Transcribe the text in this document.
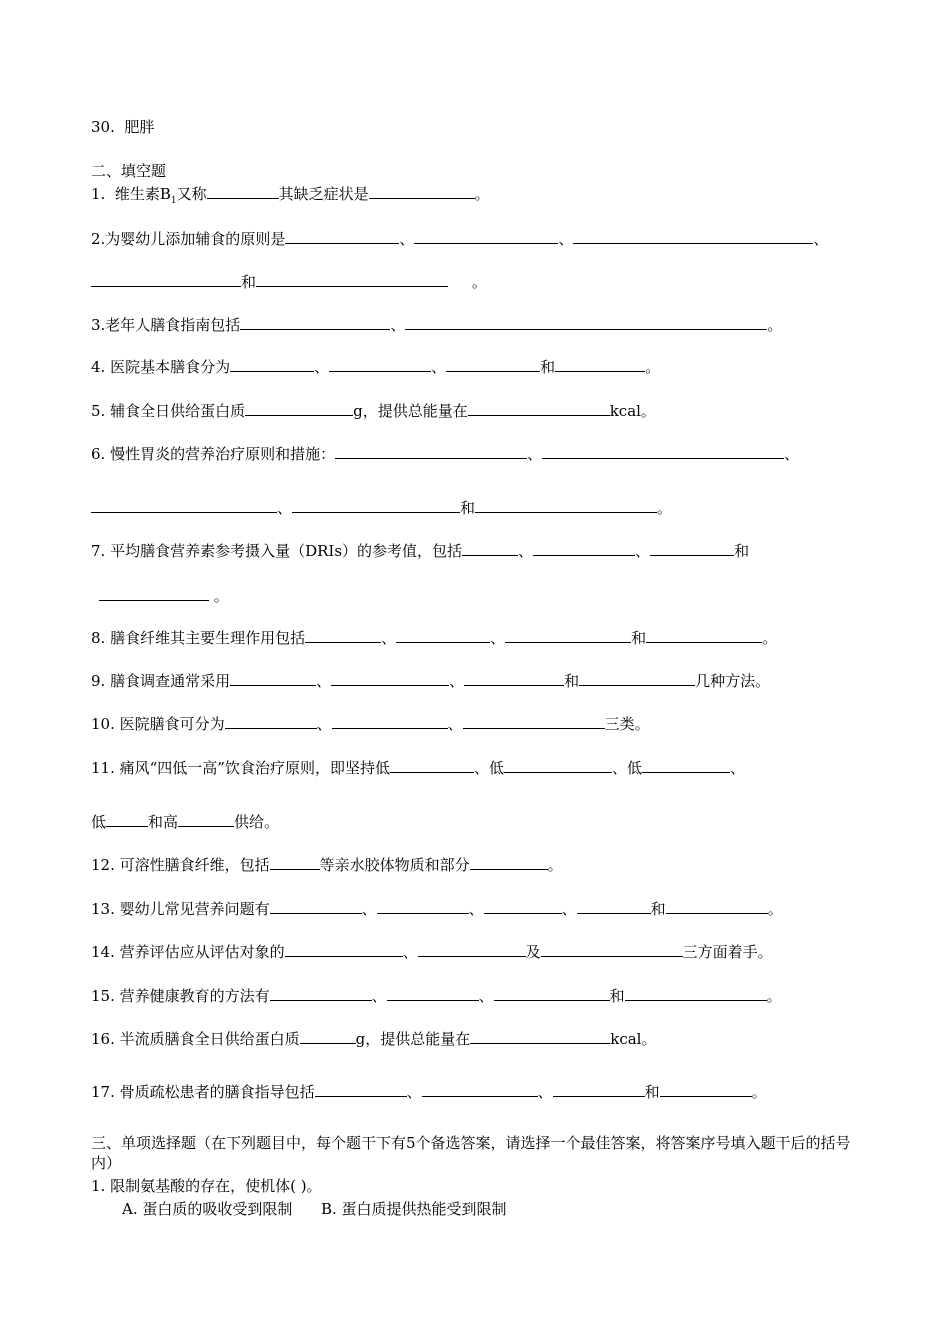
30. 肥胖
二、填空题
1. 维生素$B_1$又称	其缺乏症状是	。
2.为婴幼儿添加辅食的原则是	、	、	、
和	。
3.老年人膳食指南包括	、	。
4. 医院基本膳食分为	、	、	和	。
5. 辅食全日供给蛋白质	g，提供总能量在	kcal。
6. 慢性胃炎的营养治疗原则和措施：	、	、
、	和	。
7. 平均膳食营养素参考摄入量（DRIs）的参考值，包括	、	、	和
。
8. 膳食纤维其主要生理作用包括	、	、	和	。
9. 膳食调查通常采用	、	、	和	几种方法。
10. 医院膳食可分为	、	、	三类。
11. 痛风“四低一高”饮食治疗原则，即坚持低	、低	、低	、
低	和高	供给。
12. 可溶性膳食纤维，包括	等亲水胶体物质和部分	。
13. 婴幼儿常见营养问题有	、	、	、	和	。
14. 营养评估应从评估对象的	、	及	三方面着手。
15. 营养健康教育的方法有	、	、	和	。
16. 半流质膳食全日供给蛋白质	g，提供总能量在	kcal。
17. 骨质疏松患者的膳食指导包括	、	、	和	。
三、单项选择题（在下列题目中，每个题干下有5个备选答案，请选择一个最佳答案，将答案序号填入题干后的括号内）
1. 限制氨基酸的存在，使机体( )。
A. 蛋白质的吸收受到限制 B. 蛋白质提供热能受到限制
